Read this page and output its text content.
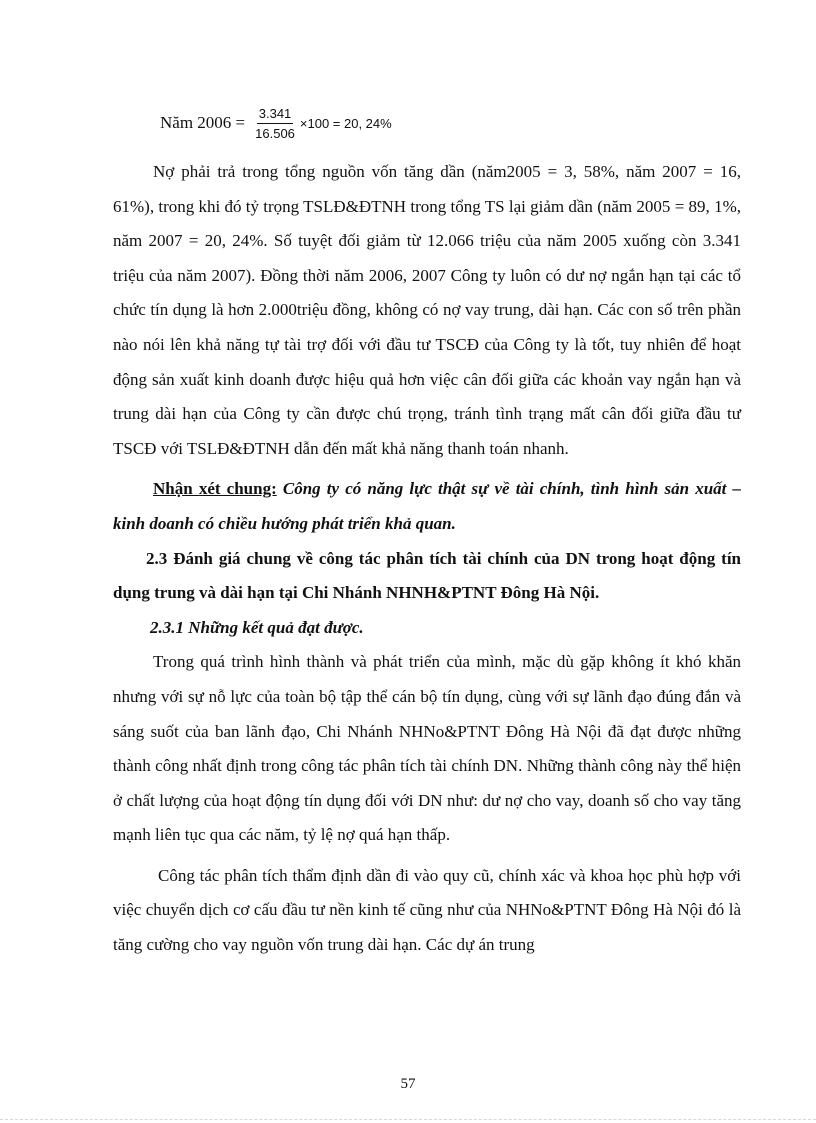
Năm $2006 = \frac{3.341}{16.506} \times 100 = 20$, 24%

Nợ phải trả trong tổng nguồn vốn tăng dần (năm2005 = 3, 58%, năm 2007 = 16, 61%), trong khi đó tỷ trọng TSLĐ&ĐTNH trong tổng TS lại giảm dần (năm 2005 = 89, 1%, năm 2007 = 20, 24%. Số tuyệt đối giảm từ 12.066 triệu của năm 2005 xuống còn 3.341 triệu của năm 2007). Đồng thời năm 2006, 2007 Công ty luôn có dư nợ ngắn hạn tại các tổ chức tín dụng là hơn 2.000triệu đồng, không có nợ vay trung, dài hạn. Các con số trên phần nào nói lên khả năng tự tài trợ đối với đầu tư TSCĐ của Công ty là tốt, tuy nhiên để hoạt động sản xuất kinh doanh được hiệu quả hơn việc cân đối giữa các khoản vay ngắn hạn và trung dài hạn của Công ty cần được chú trọng, tránh tình trạng mất cân đối giữa đầu tư TSCĐ với TSLĐ&ĐTNH dẫn đến mất khả năng thanh toán nhanh.

Nhận xét chung: Công ty có năng lực thật sự về tài chính, tình hình sản xuất – kinh doanh có chiều hướng phát triển khả quan.

2.3 Đánh giá chung về công tác phân tích tài chính của DN trong hoạt động tín dụng trung và dài hạn tại Chi Nhánh NHNH&PTNT Đông Hà Nội.

2.3.1 Những kết quả đạt được.

Trong quá trình hình thành và phát triển của mình, mặc dù gặp không ít khó khăn nhưng với sự nỗ lực của toàn bộ tập thể cán bộ tín dụng, cùng với sự lãnh đạo đúng đắn và sáng suốt của ban lãnh đạo, Chi Nhánh NHNo&PTNT Đông Hà Nội đã đạt được những thành công nhất định trong công tác phân tích tài chính DN. Những thành công này thể hiện ở chất lượng của hoạt động tín dụng đối với DN như: dư nợ cho vay, doanh số cho vay tăng mạnh liên tục qua các năm, tỷ lệ nợ quá hạn thấp.

Công tác phân tích thẩm định dần đi vào quy cũ, chính xác và khoa học phù hợp với việc chuyển dịch cơ cấu đầu tư nền kinh tế cũng như của NHNo&PTNT Đông Hà Nội đó là tăng cường cho vay nguồn vốn trung dài hạn. Các dự án trung

57
